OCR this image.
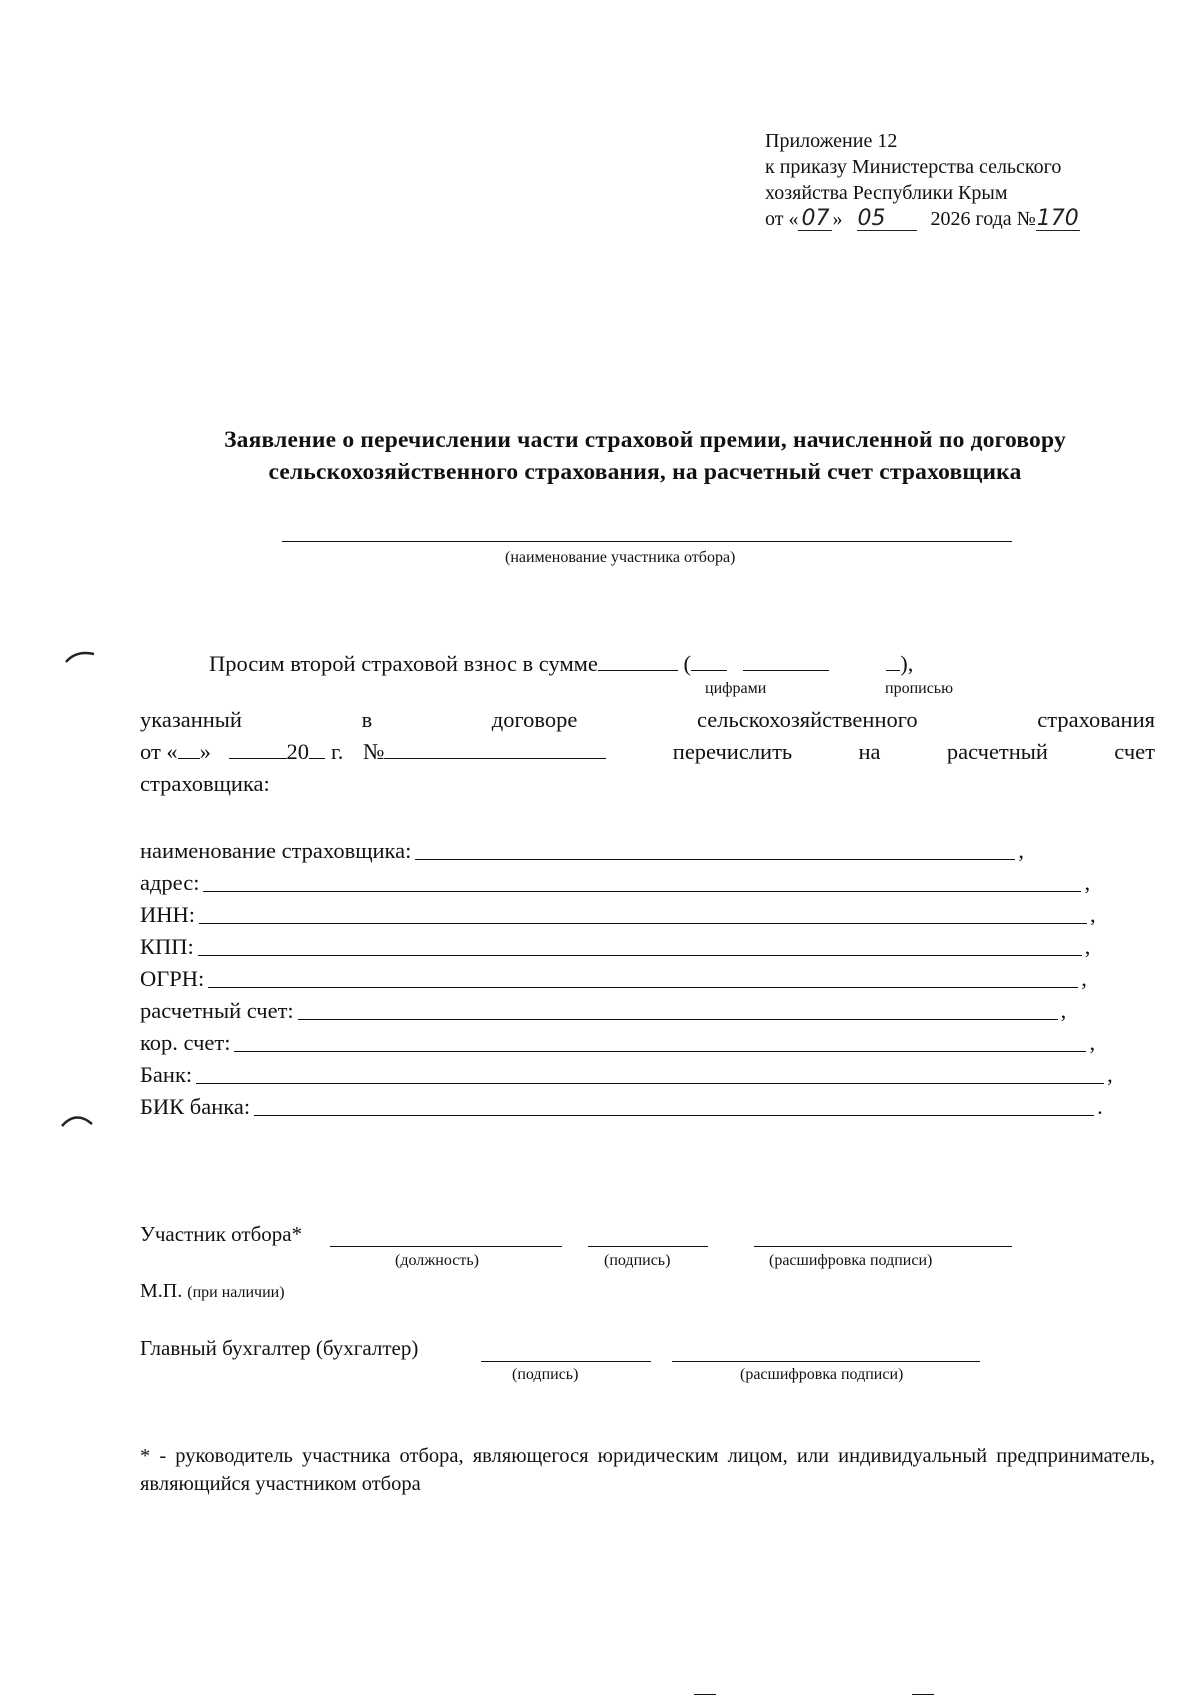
Приложение 12
к приказу Министерства сельского
хозяйства Республики Крым
от « 07 » 05 2026 года №170
Заявление о перечислении части страховой премии, начисленной по договору
сельскохозяйственного страхования, на расчетный счет страховщика
(наименование участника отбора)
Просим второй страховой взнос в сумме	(	),
цифрами	прописью
указанный	в	договоре	сельскохозяйственного	страхования
от « »	20 г. №	перечислить	на	расчетный	счет
страховщика:
наименование страховщика:	,
адрес:	,
ИНН:	,
КПП:	,
ОГРН:	,
расчетный счет:	,
кор. счет:	,
Банк:	,
БИК банка:	.
Участник отбора*
(должность)	(подпись)	(расшифровка подписи)
М.П. (при наличии)
Главный бухгалтер (бухгалтер)
(подпись)	(расшифровка подписи)
* - руководитель участника отбора, являющегося юридическим лицом, или индивидуальный предприниматель, являющийся участником отбора
